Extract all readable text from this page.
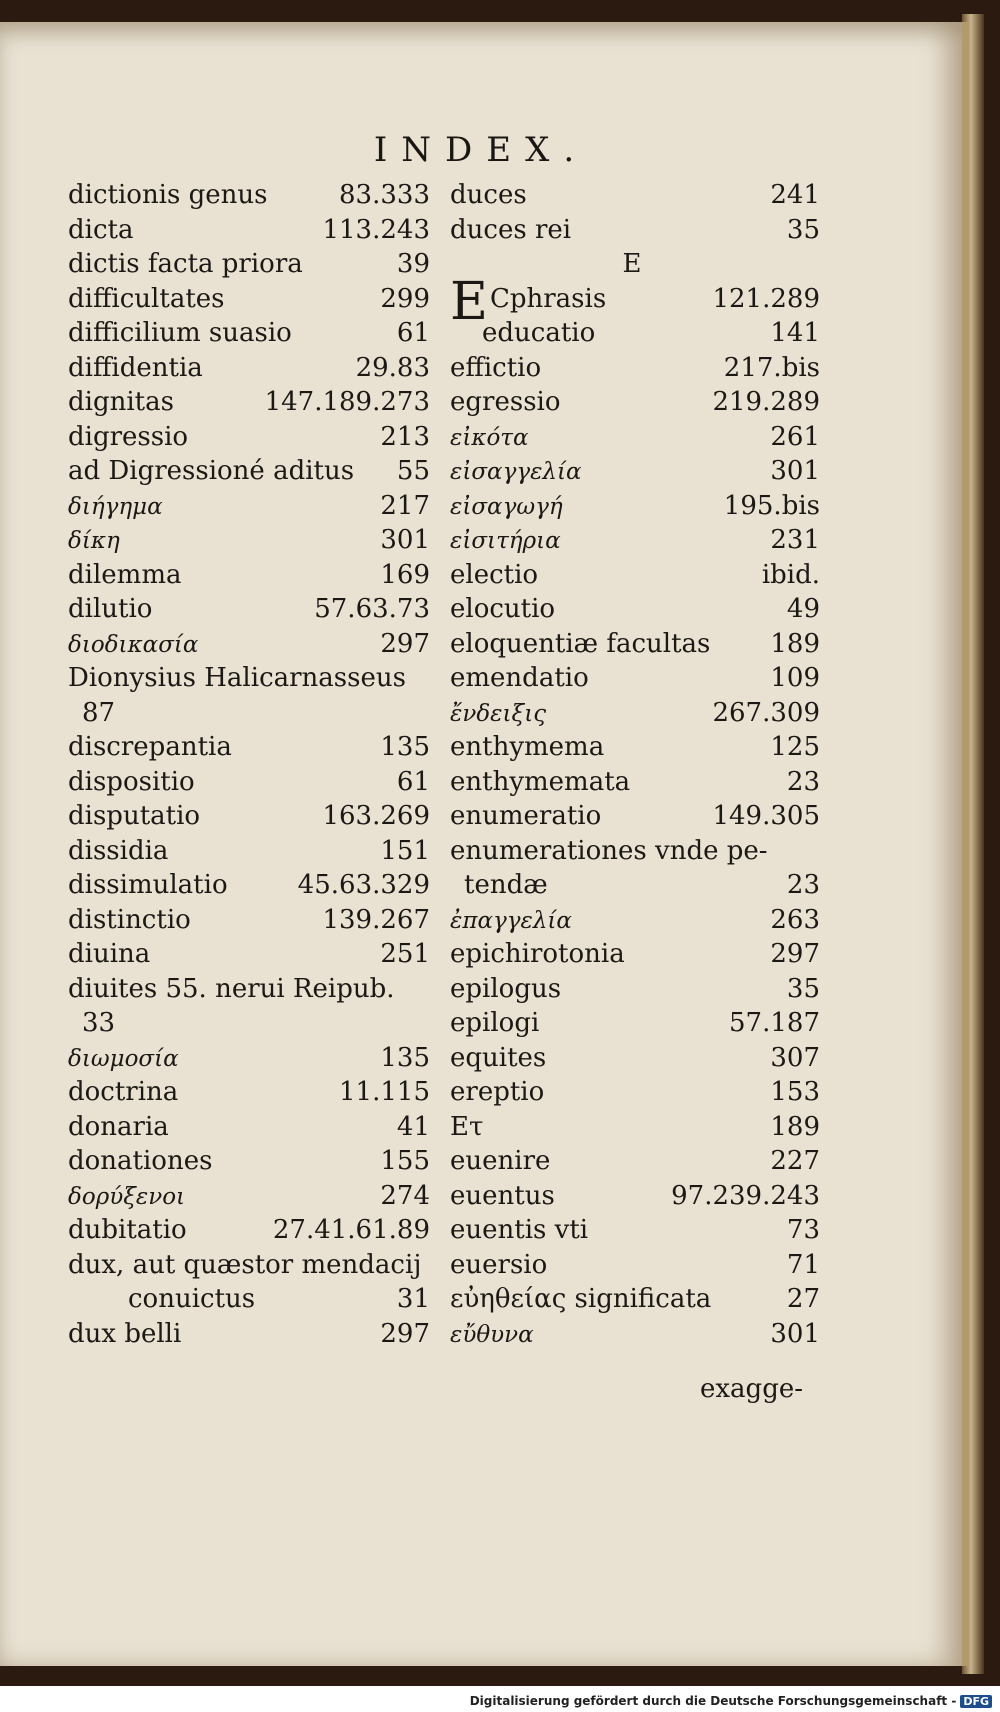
INDEX.
dictionis genus	83.333
dicta	113.243
dictis facta priora	39
difficultates	299
difficilium suasio	61
diffidentia	29.83
dignitas	147.189.273
digressio	213
ad Digressioné aditus 55
διήγημα	217
δίκη	301
dilemma	169
dilutio	57.63.73
διοδικασία	297
Dionysius Halicarnasseus
87
discrepantia	135
dispositio	61
disputatio	163.269
dissidia	151
dissimulatio	45.63.329
distinctio	139.267
diuina	251
diuites 55. nerui Reipub.
33
διωμοσία	135
doctrina	11.115
donaria	41
donationes	155
δορύξενοι	274
dubitatio	27.41.61.89
dux, aut quæstor mendacij
conuictus	31
dux belli	297
duces	241
duces rei	35
E
ECphrasis	121.289
educatio	141
effictio	217.bis
egressio	219.289
εἰκότα	261
εἰσαγγελία	301
εἰσαγωγή	195.bis
εἰσιτήρια	231
electio	ibid.
elocutio	49
eloquentiæ facultas 189
emendatio	109
ἔνδειξις	267.309
enthymema	125
enthymemata	23
enumeratio	149.305
enumerationes vnde pe-
tendæ	23
ἐπαγγελία	263
epichirotonia	297
epilogus	35
epilogi	57.187
equites	307
ereptio	153
Ετ	189
euenire	227
euentus	97.239.243
euentis vti	73
euersio	71
εὐηθείας significata	27
εὔθυνα	301
exagge-
Digitalisierung gefördert durch die Deutsche Forschungsgemeinschaft - DFG
